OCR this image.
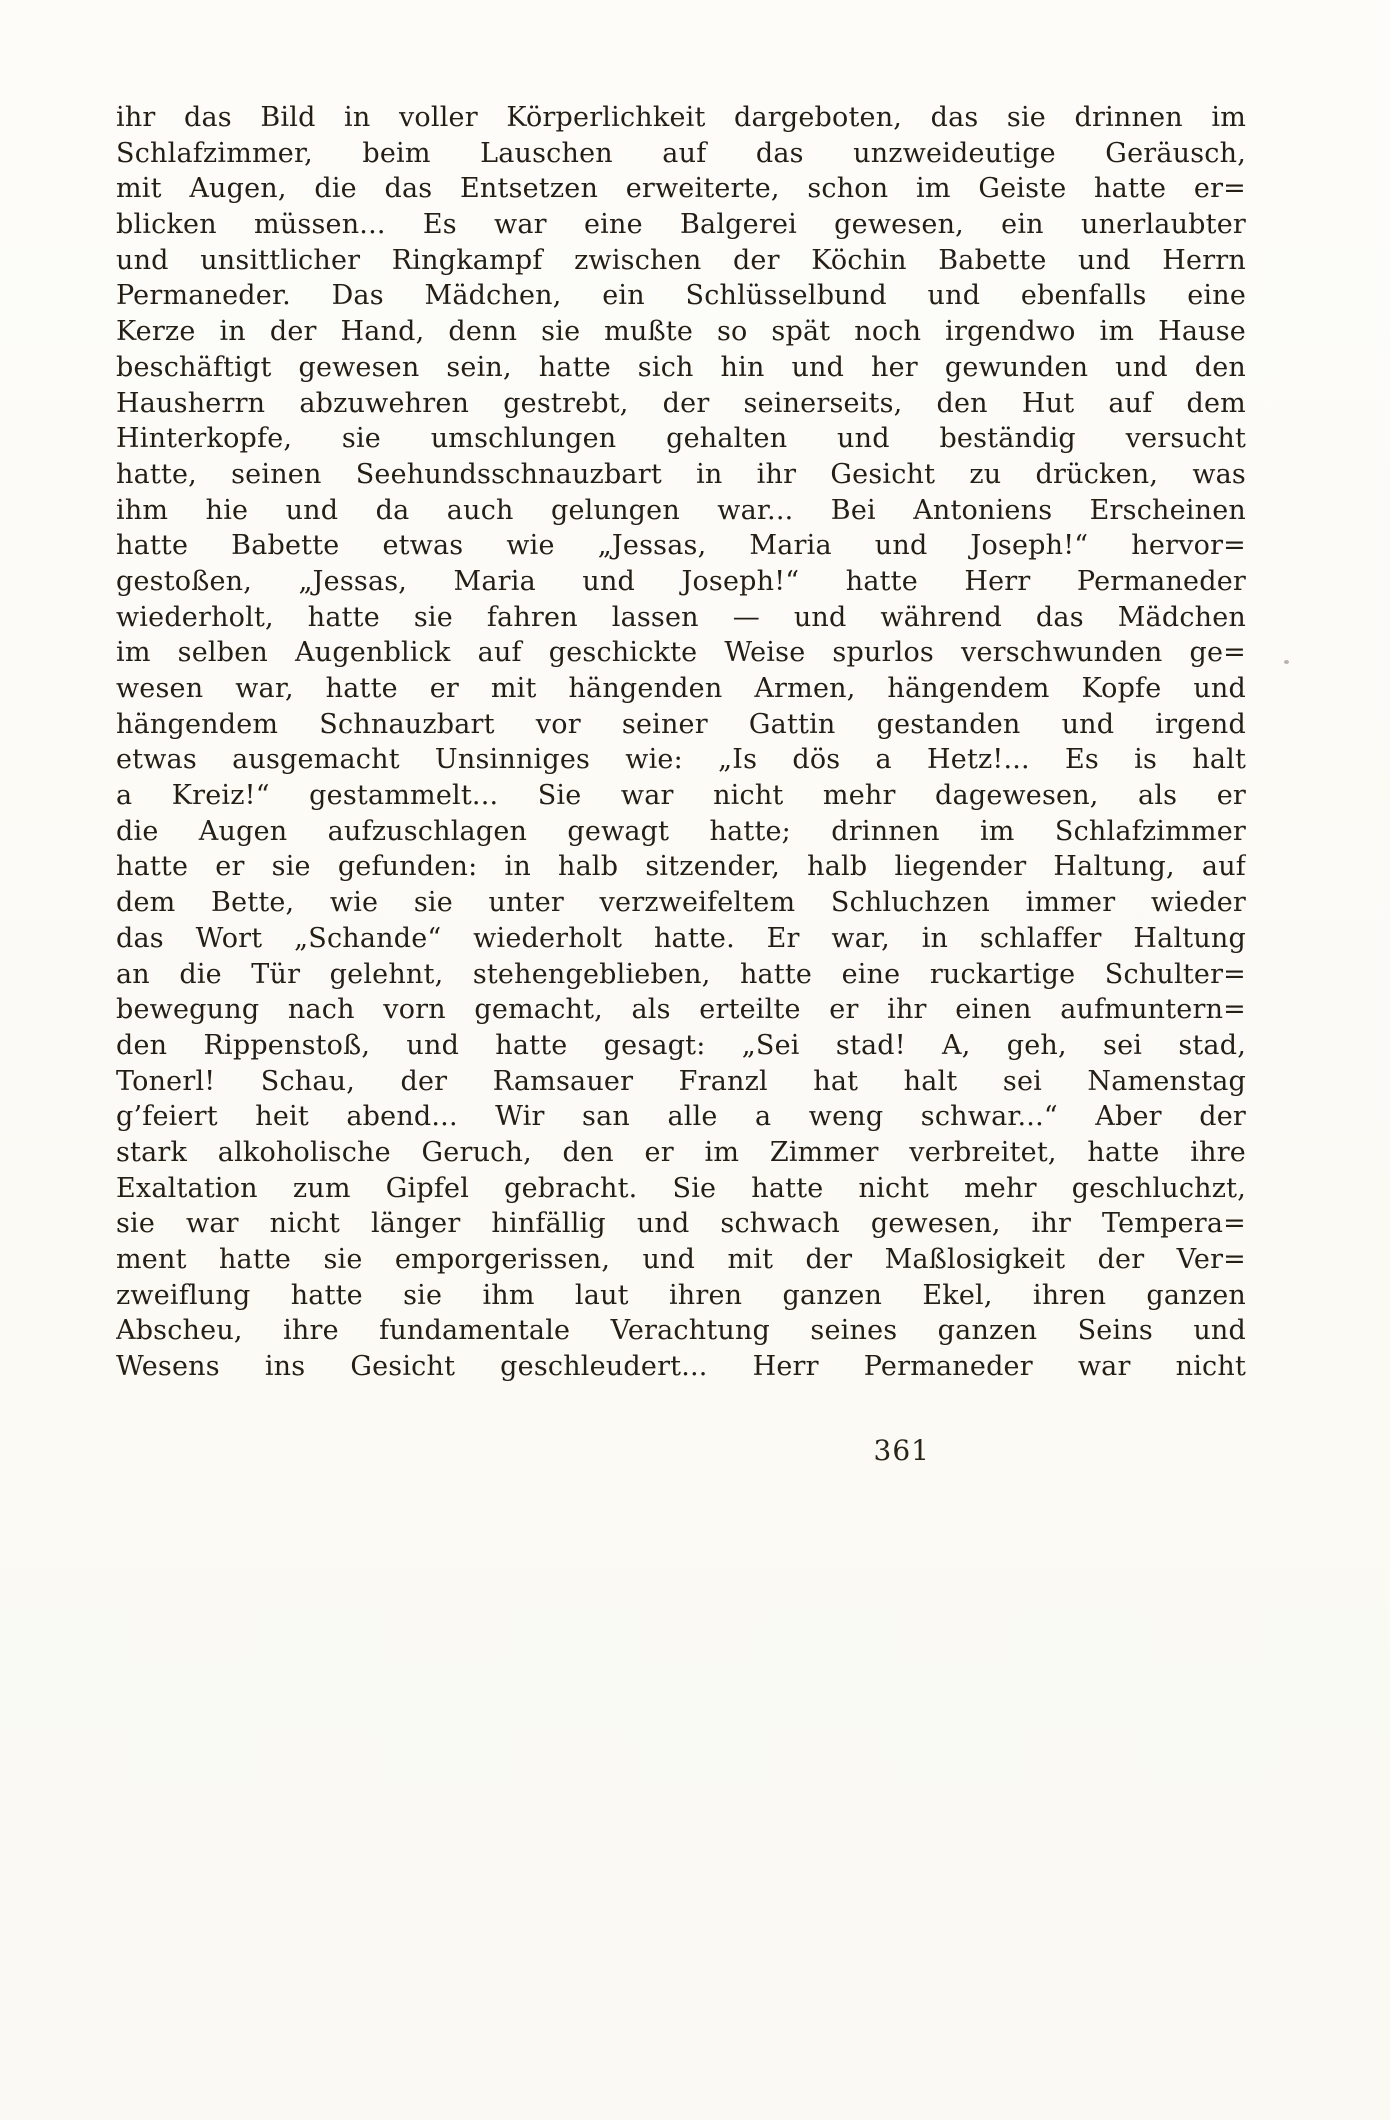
ihr das Bild in voller Körperlichkeit dargeboten, das sie drinnen im
Schlafzimmer, beim Lauschen auf das unzweideutige Geräusch,
mit Augen, die das Entsetzen erweiterte, schon im Geiste hatte er=
blicken müssen... Es war eine Balgerei gewesen, ein unerlaubter
und unsittlicher Ringkampf zwischen der Köchin Babette und Herrn
Permaneder. Das Mädchen, ein Schlüsselbund und ebenfalls eine
Kerze in der Hand, denn sie mußte so spät noch irgendwo im Hause
beschäftigt gewesen sein, hatte sich hin und her gewunden und den
Hausherrn abzuwehren gestrebt, der seinerseits, den Hut auf dem
Hinterkopfe, sie umschlungen gehalten und beständig versucht
hatte, seinen Seehundsschnauzbart in ihr Gesicht zu drücken, was
ihm hie und da auch gelungen war... Bei Antoniens Erscheinen
hatte Babette etwas wie „Jessas, Maria und Joseph!“ hervor=
gestoßen, „Jessas, Maria und Joseph!“ hatte Herr Permaneder
wiederholt, hatte sie fahren lassen — und während das Mädchen
im selben Augenblick auf geschickte Weise spurlos verschwunden ge=
wesen war, hatte er mit hängenden Armen, hängendem Kopfe und
hängendem Schnauzbart vor seiner Gattin gestanden und irgend
etwas ausgemacht Unsinniges wie: „Is dös a Hetz!... Es is halt
a Kreiz!“ gestammelt... Sie war nicht mehr dagewesen, als er
die Augen aufzuschlagen gewagt hatte; drinnen im Schlafzimmer
hatte er sie gefunden: in halb sitzender, halb liegender Haltung, auf
dem Bette, wie sie unter verzweifeltem Schluchzen immer wieder
das Wort „Schande“ wiederholt hatte. Er war, in schlaffer Haltung
an die Tür gelehnt, stehengeblieben, hatte eine ruckartige Schulter=
bewegung nach vorn gemacht, als erteilte er ihr einen aufmuntern=
den Rippenstoß, und hatte gesagt: „Sei stad! A, geh, sei stad,
Tonerl! Schau, der Ramsauer Franzl hat halt sei Namenstag
g’feiert heit abend... Wir san alle a weng schwar...“ Aber der
stark alkoholische Geruch, den er im Zimmer verbreitet, hatte ihre
Exaltation zum Gipfel gebracht. Sie hatte nicht mehr geschluchzt,
sie war nicht länger hinfällig und schwach gewesen, ihr Tempera=
ment hatte sie emporgerissen, und mit der Maßlosigkeit der Ver=
zweiflung hatte sie ihm laut ihren ganzen Ekel, ihren ganzen
Abscheu, ihre fundamentale Verachtung seines ganzen Seins und
Wesens ins Gesicht geschleudert... Herr Permaneder war nicht
361
